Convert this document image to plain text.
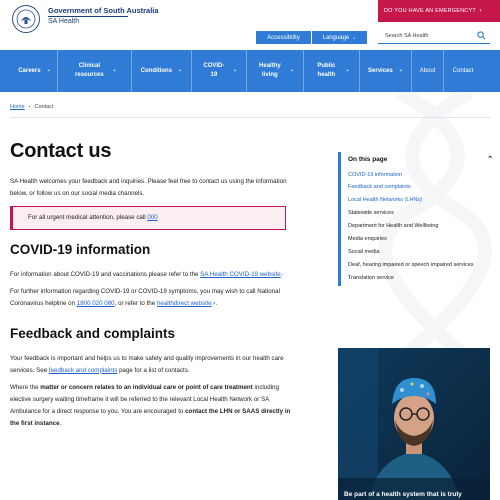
Government of South Australia
SA Health
DO YOU HAVE AN EMERGENCY? ›
Accessibility	Language ⌄	Search SA Health
Careers ⌄
Clinical resources
⌄	Conditions ⌄
COVID-19
⌄
Healthy living
⌄
Public health
⌄	Services ⌄	About	Contact
Home › Contact
Contact us

SA Health welcomes your feedback and inquiries. Please feel free to contact us using the information below, or follow us on our social media channels.

For all urgent medical attention, please call
000
COVID-19 information

For information about COVID-19 and vaccinations please refer to the SA Health COVID-19 website.

For further information regarding COVID-19 or COVID-19 symptoms, you may wish to call National Coronavirus helpline on 1800 020 080, or refer to the healthdirect website↗.

Feedback and complaints

Your feedback is important and helps us to make safety and quality improvements in our health care services. See feedback and complaints page for a list of contacts.

Where the matter or concern relates to an individual care or point of care treatment including elective surgery waiting timeframe it will be referred to the relevant Local Health Network or SA Ambulance for a direct response to you. You are encouraged to contact the LHN or SAAS directly in the first instance.

On this page	⌃
COVID-19 information
Feedback and complaints
Local Health Networks (LHNs)
Statewide services
Department for Health and Wellbeing
Media enquiries
Social media
Deaf, hearing impaired or speech impaired services
Translation service
Be part of a health system that is truly
